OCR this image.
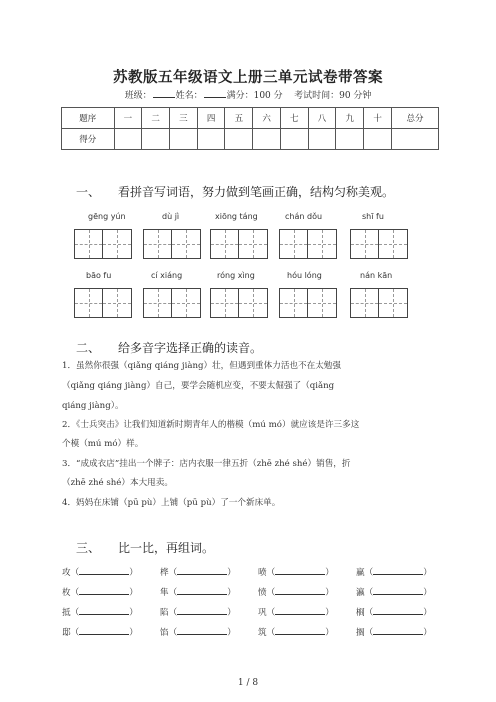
苏教版五年级语文上册三单元试卷带答案
班级：	姓名：	满分：100 分 考试时间：90 分钟
题序	一	二	三	四	五	六	七	八	九	十	总分
得分											
一、 看拼音写词语，努力做到笔画正确，结构匀称美观。
gēng yún	dù jì	xiōng táng	chán dǒu	shī fu
bāo fu	cí xiáng	róng xìng	hóu lóng	nán kān
二、 给多音字选择正确的读音。
1．虽然你很强（qiǎng qiáng jiàng）壮，但遇到重体力活也不在太勉强
（qiǎng qiáng jiàng）自己，要学会随机应变，不要太倔强了（qiǎng
qiáng jiàng）。
2．《士兵突击》让我们知道新时期青年人的楷模（mú mó）就应该是许三多这
个模（mú mó）样。
3．“成成衣店”挂出一个牌子：店内衣服一律五折（zhē zhé shé）销售，折
（zhē zhé shé）本大甩卖。
4．妈妈在床铺（pū pù）上铺（pū pù）了一个新床单。
三、 比一比，再组词。
攻（	）	桦（	）	喷（	）	赢（	）
枚（	）	隼（	）	愤（	）	瀛（	）
抵（	）	陷（	）	巩（	）	榈（	）
邸（	）	馅（	）	筑（	）	搁（	）
1 / 8
